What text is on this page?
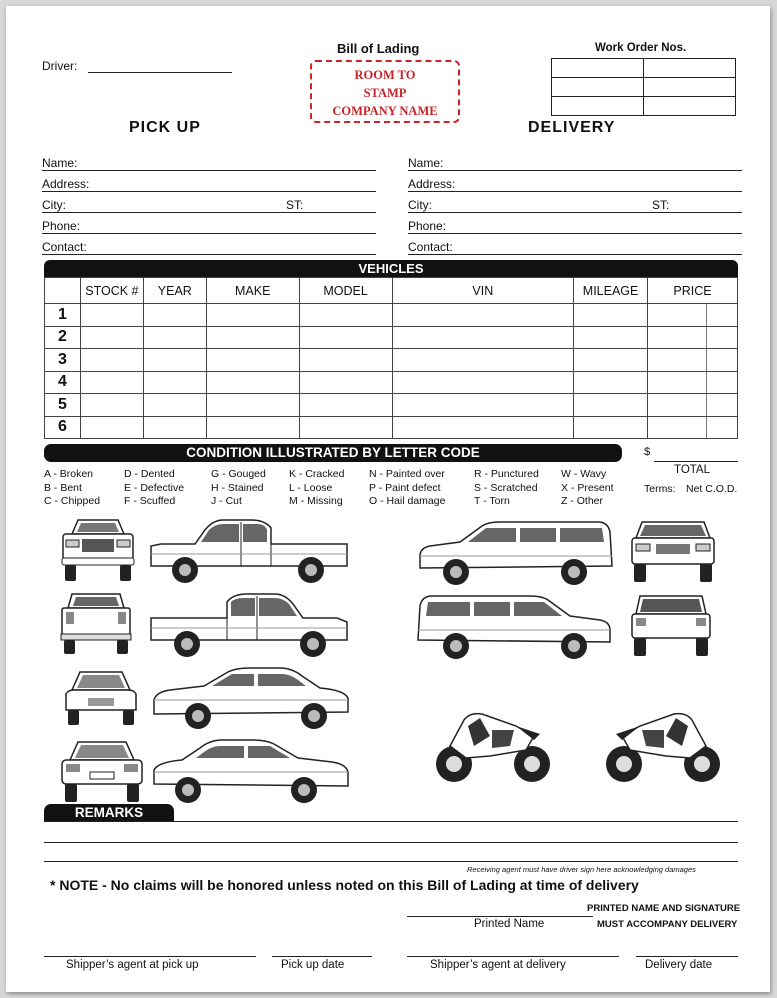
Driver:
Bill of Lading
ROOM TO
STAMP
COMPANY NAME
Work Order Nos.

PICK UP
Name:
Address:
City:	ST:
Phone:
Contact:
DELIVERY
Name:
Address:
City:	ST:
Phone:
Contact:
VEHICLES
	STOCK #	YEAR	MAKE	MODEL	VIN	MILEAGE	PRICE
1							
2							
3							
4							
5							
6							
CONDITION ILLUSTRATED BY LETTER CODE
A - Broken
B - Bent
C - Chipped
D - Dented
E - Defective
F - Scuffed
G - Gouged
H - Stained
J - Cut
K - Cracked
L - Loose
M - Missing
N - Painted over
P - Paint defect
O - Hail damage
R - Punctured
S - Scratched
T - Torn
W - Wavy
X - Present
Z - Other
$
TOTAL
Terms: Net C.O.D.
REMARKS
Receiving agent must have driver sign here acknowledging damages
* NOTE - No claims will be honored unless noted on this Bill of Lading at time of delivery
PRINTED NAME AND SIGNATURE
MUST ACCOMPANY DELIVERY
Printed Name
Shipper’s agent at pick up	Pick up date	Shipper’s agent at delivery	Delivery date
